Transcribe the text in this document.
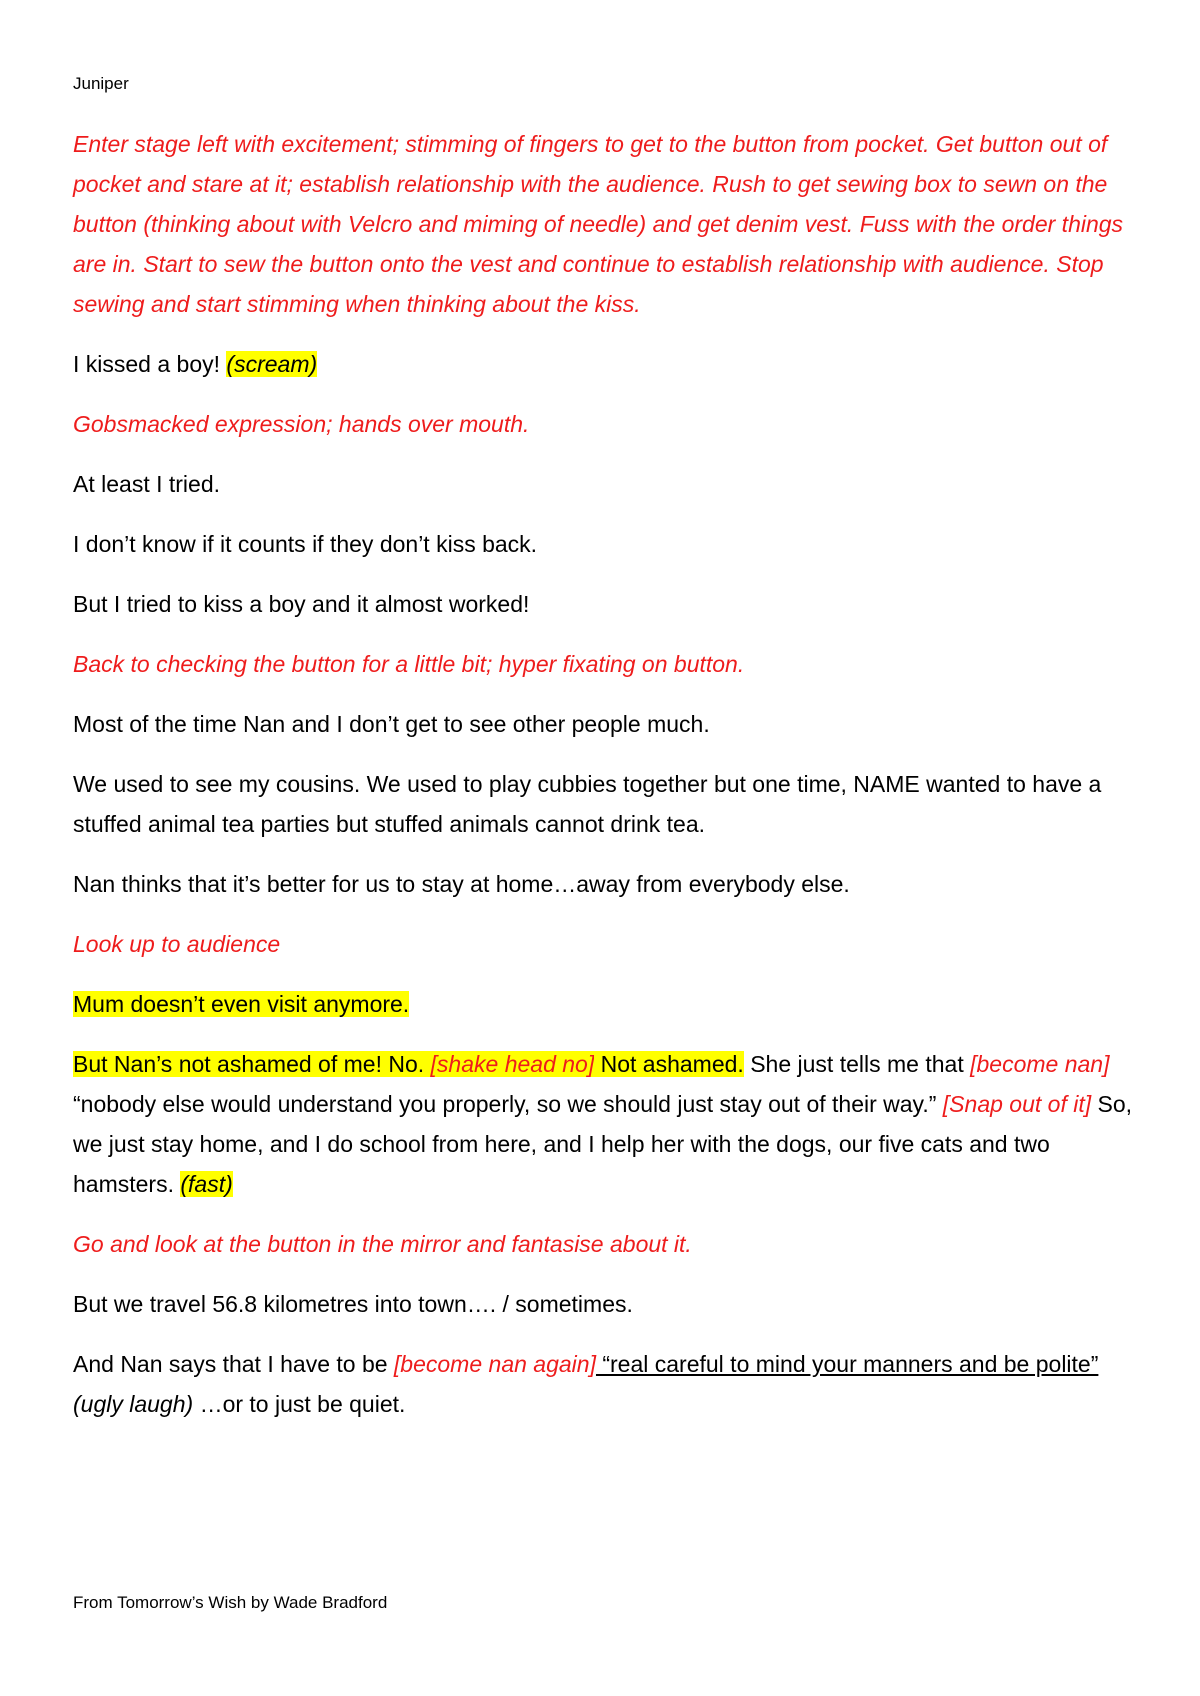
Juniper

Enter stage left with excitement; stimming of fingers to get to the button from pocket. Get button out of pocket and stare at it; establish relationship with the audience. Rush to get sewing box to sewn on the button (thinking about with Velcro and miming of needle) and get denim vest. Fuss with the order things are in. Start to sew the button onto the vest and continue to establish relationship with audience. Stop sewing and start stimming when thinking about the kiss.

I kissed a boy! (scream)

Gobsmacked expression; hands over mouth.

At least I tried.

I don’t know if it counts if they don’t kiss back.

But I tried to kiss a boy and it almost worked!

Back to checking the button for a little bit; hyper fixating on button.

Most of the time Nan and I don’t get to see other people much.

We used to see my cousins. We used to play cubbies together but one time, NAME wanted to have a stuffed animal tea parties but stuffed animals cannot drink tea.

Nan thinks that it’s better for us to stay at home…away from everybody else.

Look up to audience

Mum doesn’t even visit anymore.

But Nan’s not ashamed of me! No. [shake head no] Not ashamed. She just tells me that [become nan] “nobody else would understand you properly, so we should just stay out of their way.” [Snap out of it] So, we just stay home, and I do school from here, and I help her with the dogs, our five cats and two hamsters. (fast)

Go and look at the button in the mirror and fantasise about it.

But we travel 56.8 kilometres into town…. / sometimes.

And Nan says that I have to be [become nan again] “real careful to mind your manners and be polite” (ugly laugh) …or to just be quiet.

From Tomorrow’s Wish by Wade Bradford
